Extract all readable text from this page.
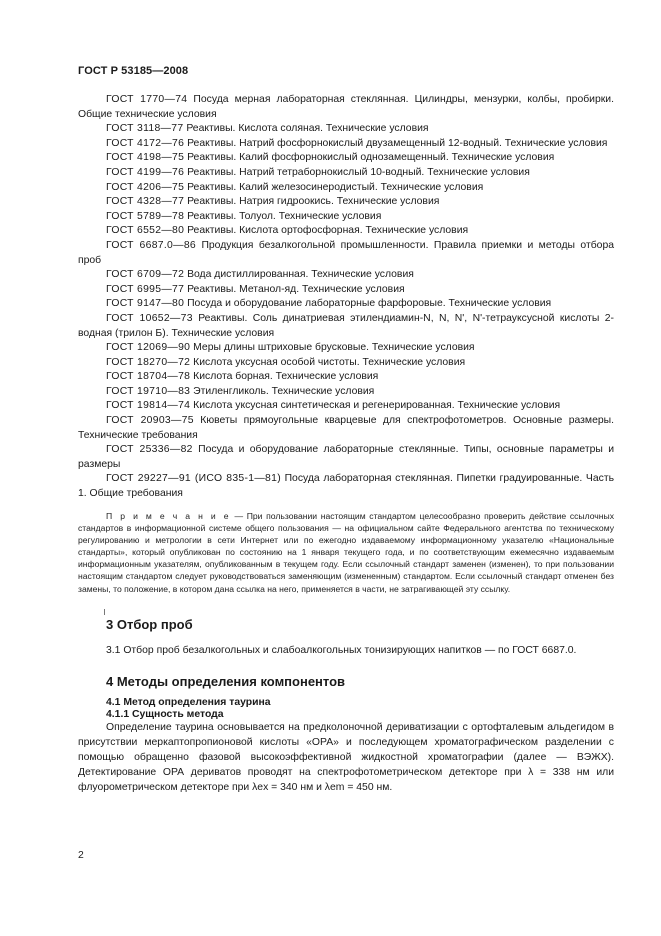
ГОСТ Р 53185—2008

ГОСТ 1770—74 Посуда мерная лабораторная стеклянная. Цилиндры, мензурки, колбы, пробирки. Общие технические условия

ГОСТ 3118—77 Реактивы. Кислота соляная. Технические условия

ГОСТ 4172—76 Реактивы. Натрий фосфорнокислый двузамещенный 12-водный. Технические условия

ГОСТ 4198—75 Реактивы. Калий фосфорнокислый однозамещенный. Технические условия

ГОСТ 4199—76 Реактивы. Натрий тетраборнокислый 10-водный. Технические условия

ГОСТ 4206—75 Реактивы. Калий железосинеродистый. Технические условия

ГОСТ 4328—77 Реактивы. Натрия гидроокись. Технические условия

ГОСТ 5789—78 Реактивы. Толуол. Технические условия

ГОСТ 6552—80 Реактивы. Кислота ортофосфорная. Технические условия

ГОСТ 6687.0—86 Продукция безалкогольной промышленности. Правила приемки и методы отбора проб

ГОСТ 6709—72 Вода дистиллированная. Технические условия

ГОСТ 6995—77 Реактивы. Метанол-яд. Технические условия

ГОСТ 9147—80 Посуда и оборудование лабораторные фарфоровые. Технические условия

ГОСТ 10652—73 Реактивы. Соль динатриевая этилендиамин-N, N, N', N'-тетрауксусной кислоты 2-водная (трилон Б). Технические условия

ГОСТ 12069—90 Меры длины штриховые брусковые. Технические условия

ГОСТ 18270—72 Кислота уксусная особой чистоты. Технические условия

ГОСТ 18704—78 Кислота борная. Технические условия

ГОСТ 19710—83 Этиленгликоль. Технические условия

ГОСТ 19814—74 Кислота уксусная синтетическая и регенерированная. Технические условия

ГОСТ 20903—75 Кюветы прямоугольные кварцевые для спектрофотометров. Основные размеры. Технические требования

ГОСТ 25336—82 Посуда и оборудование лабораторные стеклянные. Типы, основные параметры и размеры

ГОСТ 29227—91 (ИСО 835-1—81) Посуда лабораторная стеклянная. Пипетки градуированные. Часть 1. Общие требования

П р и м е ч а н и е — При пользовании настоящим стандартом целесообразно проверить действие ссылочных стандартов в информационной системе общего пользования — на официальном сайте Федерального агентства по техническому регулированию и метрологии в сети Интернет или по ежегодно издаваемому информационному указателю «Национальные стандарты», который опубликован по состоянию на 1 января текущего года, и по соответствующим ежемесячно издаваемым информационным указателям, опубликованным в текущем году. Если ссылочный стандарт заменен (изменен), то при пользовании настоящим стандартом следует руководствоваться заменяющим (измененным) стандартом. Если ссылочный стандарт отменен без замены, то положение, в котором дана ссылка на него, применяется в части, не затрагивающей эту ссылку.

3 Отбор проб
3.1 Отбор проб безалкогольных и слабоалкогольных тонизирующих напитков — по ГОСТ 6687.0.
4 Методы определения компонентов
4.1 Метод определения таурина
4.1.1 Сущность метода

Определение таурина основывается на предколоночной дериватизации с ортофталевым альдегидом в присутствии меркаптопропионовой кислоты «ОРА» и последующем хроматографическом разделении с помощью обращенно фазовой высокоэффективной жидкостной хроматографии (далее — ВЭЖХ). Детектирование ОРА дериватов проводят на спектрофотометрическом детекторе при λ = 338 нм или флуорометрическом детекторе при λex = 340 нм и λem = 450 нм.

2
